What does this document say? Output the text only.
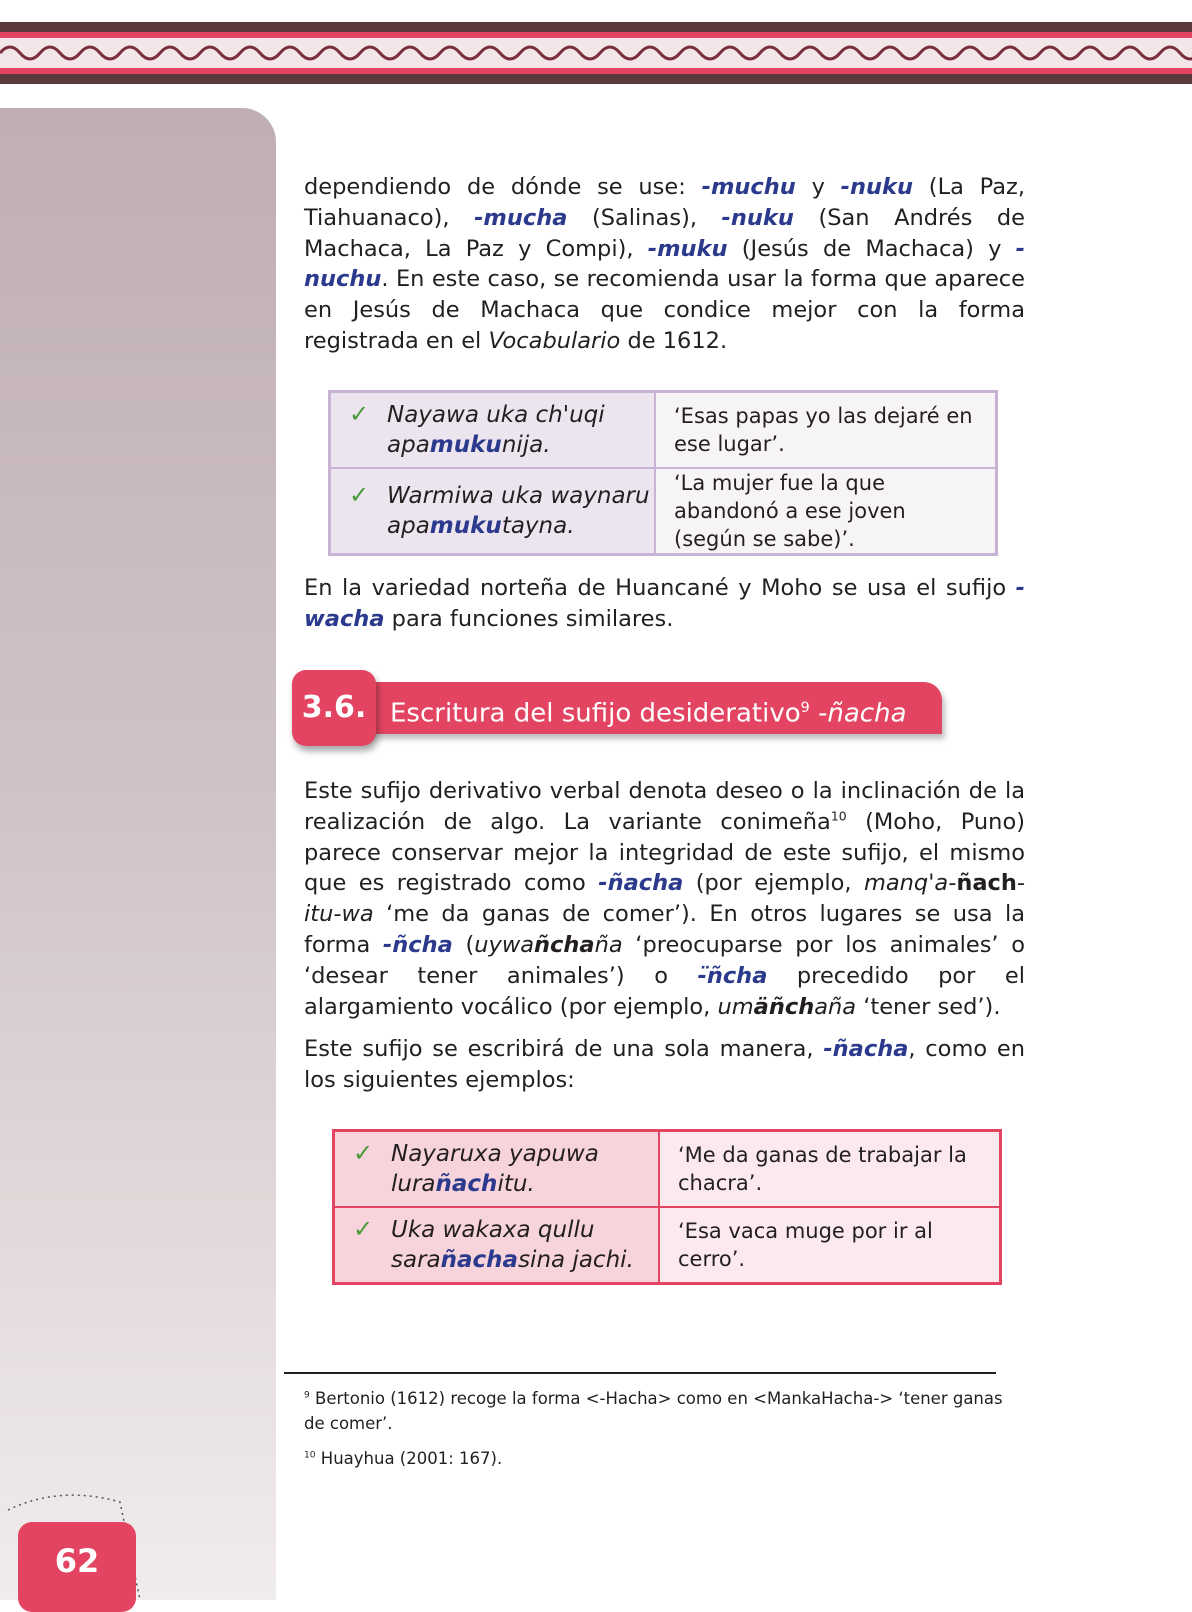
62

dependiendo de dónde se use: -muchu y -nuku (La Paz, Tiahuanaco), -mucha (Salinas), -nuku (San Andrés de Machaca, La Paz y Compi), -muku (Jesús de Machaca) y -nuchu. En este caso, se recomienda usar la forma que aparece en Jesús de Machaca que condice mejor con la forma registrada en el Vocabulario de 1612.

✓ Nayawa uka ch'uqi
apamukunija.	‘Esas papas yo las dejaré en ese lugar’.

✓ Warmiwa uka waynaru
apamukutayna.	‘La mujer fue la que abandonó a ese joven (según se sabe)’.

En la variedad norteña de Huancané y Moho se usa el sufijo -wacha para funciones similares.

3.6. Escritura del sufijo desiderativo$^9$ -ñacha

Este sufijo derivativo verbal denota deseo o la inclinación de la realización de algo. La variante conimeña$^{10}$ (Moho, Puno) parece conservar mejor la integridad de este sufijo, el mismo que es registrado como -ñacha (por ejemplo, manq'a-ñach-itu-wa ‘me da ganas de comer’). En otros lugares se usa la forma -ñcha (uywañchaña ‘preocuparse por los animales’ o ‘desear tener animales’) o -̈ñcha precedido por el alargamiento vocálico (por ejemplo, umäñchaña ‘tener sed’).

Este sufijo se escribirá de una sola manera, -ñacha, como en los siguientes ejemplos:

✓ Nayaruxa yapuwa
lurañachitu.	‘Me da ganas de trabajar la chacra’.

✓ Uka wakaxa qullu
sarañachasina jachi.	‘Esa vaca muge por ir al cerro’.

$^9$ Bertonio (1612) recoge la forma <-Hacha> como en <MankaHacha-> ‘tener ganas de comer’.

$^{10}$ Huayhua (2001: 167).
